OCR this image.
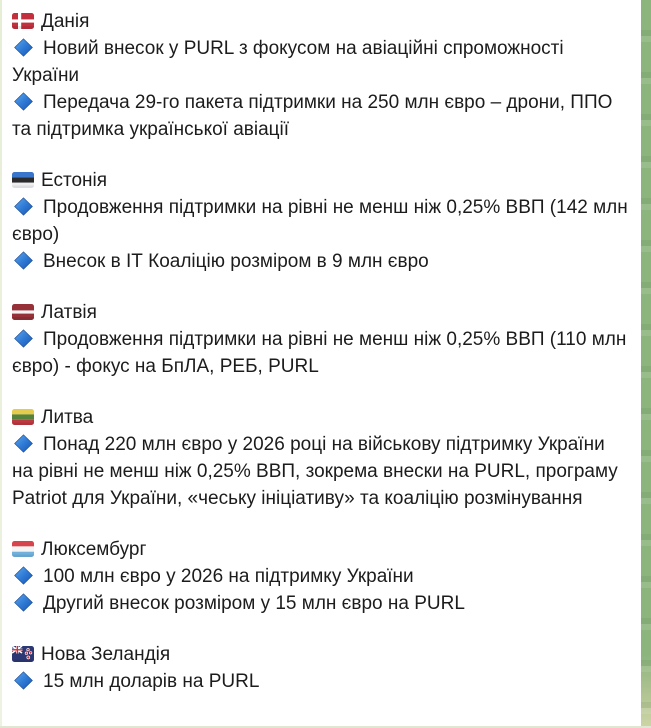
Данія

Новий внесок у PURL з фокусом на авіаційні спроможності України

Передача 29-го пакета підтримки на 250 млн євро – дрони, ППО та підтримка української авіації

Естонія

Продовження підтримки на рівні не менш ніж 0,25% ВВП (142 млн євро)

Внесок в ІТ Коаліцію розміром в 9 млн євро

Латвія

Продовження підтримки на рівні не менш ніж 0,25% ВВП (110 млн євро) - фокус на БпЛА, РЕБ, PURL

Литва

Понад 220 млн євро у 2026 році на військову підтримку України на рівні не менш ніж 0,25% ВВП, зокрема внески на PURL, програму Patriot для України, «чеську ініціативу» та коаліцію розмінування

Люксембург

100 млн євро у 2026 на підтримку України

Другий внесок розміром у 15 млн євро на PURL

Нова Зеландія

15 млн доларів на PURL
